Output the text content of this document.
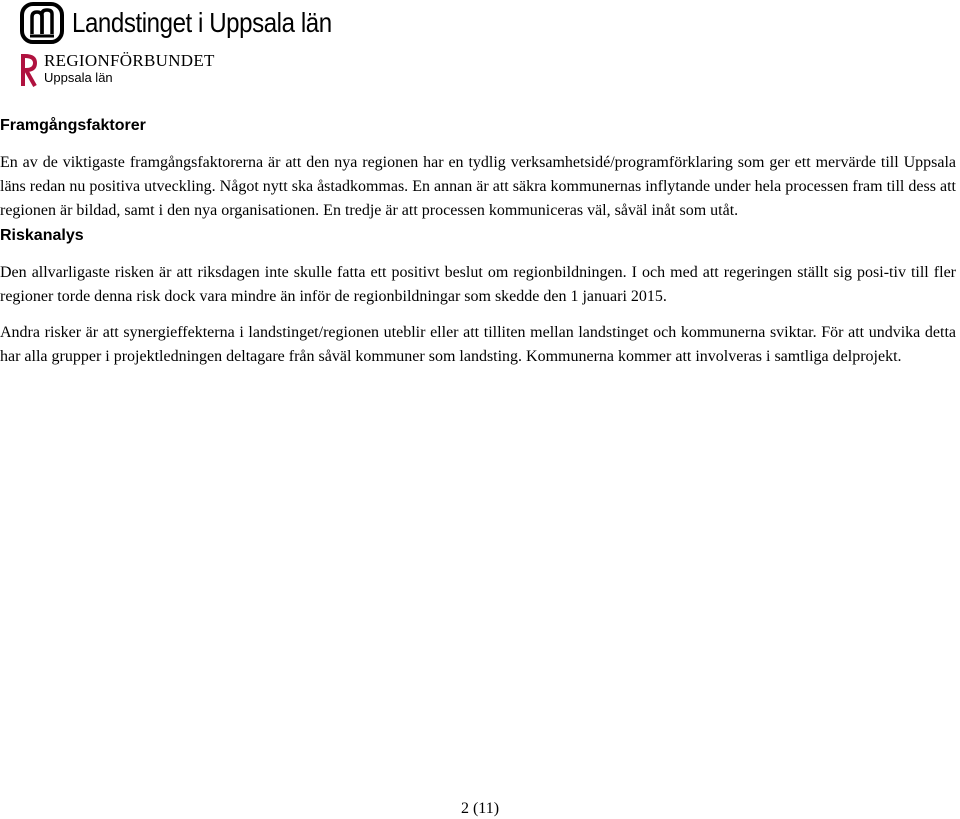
Landstinget i Uppsala län
REGIONFÖRBUNDET
Uppsala län
Framgångsfaktorer

En av de viktigaste framgångsfaktorerna är att den nya regionen har en tydlig verksamhetsidé/programförklaring som ger ett mervärde till Uppsala läns redan nu positiva utveckling. Något nytt ska åstadkommas. En annan är att säkra kommunernas inflytande under hela processen fram till dess att regionen är bildad, samt i den nya organisationen. En tredje är att processen kommuniceras väl, såväl inåt som utåt.

Riskanalys

Den allvarligaste risken är att riksdagen inte skulle fatta ett positivt beslut om regionbildningen. I och med att regeringen ställt sig posi-tiv till fler regioner torde denna risk dock vara mindre än inför de regionbildningar som skedde den 1 januari 2015.

Andra risker är att synergieffekterna i landstinget/regionen uteblir eller att tilliten mellan landstinget och kommunerna sviktar. För att undvika detta har alla grupper i projektledningen deltagare från såväl kommuner som landsting. Kommunerna kommer att involveras i samtliga delprojekt.

2 (11)
